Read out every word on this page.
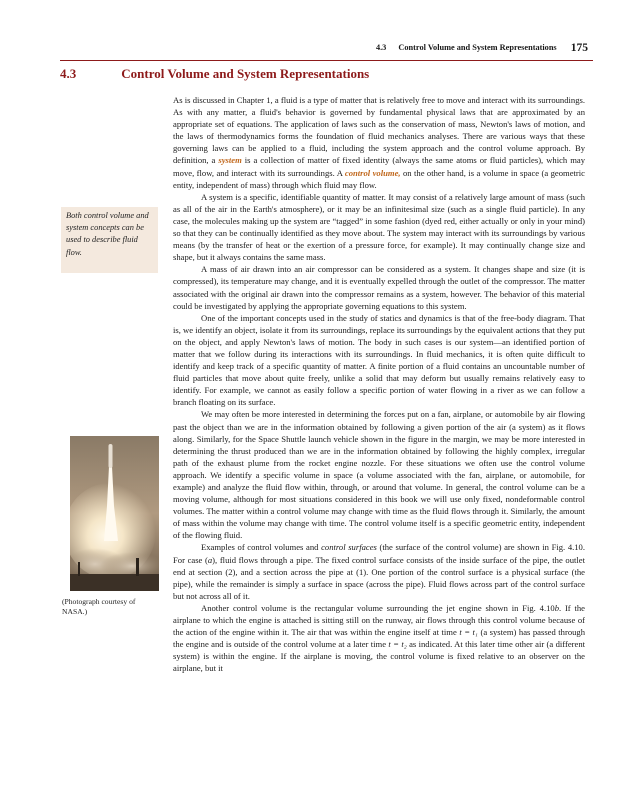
4.3 Control Volume and System Representations 175
4.3	Control Volume and System Representations
Both control volume and system concepts can be used to describe fluid flow.
(Photograph courtesy of NASA.)

As is discussed in Chapter 1, a fluid is a type of matter that is relatively free to move and interact with its surroundings. As with any matter, a fluid's behavior is governed by fundamental physical laws that are approximated by an appropriate set of equations. The application of laws such as the conservation of mass, Newton's laws of motion, and the laws of thermodynamics forms the foundation of fluid mechanics analyses. There are various ways that these governing laws can be applied to a fluid, including the system approach and the control volume approach. By definition, a system is a collection of matter of fixed identity (always the same atoms or fluid particles), which may move, flow, and interact with its surroundings. A control volume, on the other hand, is a volume in space (a geometric entity, independent of mass) through which fluid may flow.

A system is a specific, identifiable quantity of matter. It may consist of a relatively large amount of mass (such as all of the air in the Earth's atmosphere), or it may be an infinitesimal size (such as a single fluid particle). In any case, the molecules making up the system are “tagged” in some fashion (dyed red, either actually or only in your mind) so that they can be continually identified as they move about. The system may interact with its surroundings by various means (by the transfer of heat or the exertion of a pressure force, for example). It may continually change size and shape, but it always contains the same mass.

A mass of air drawn into an air compressor can be considered as a system. It changes shape and size (it is compressed), its temperature may change, and it is eventually expelled through the outlet of the compressor. The matter associated with the original air drawn into the compressor remains as a system, however. The behavior of this material could be investigated by applying the appropriate governing equations to this system.

One of the important concepts used in the study of statics and dynamics is that of the free-body diagram. That is, we identify an object, isolate it from its surroundings, replace its surroundings by the equivalent actions that they put on the object, and apply Newton's laws of motion. The body in such cases is our system—an identified portion of matter that we follow during its interactions with its surroundings. In fluid mechanics, it is often quite difficult to identify and keep track of a specific quantity of matter. A finite portion of a fluid contains an uncountable number of fluid particles that move about quite freely, unlike a solid that may deform but usually remains relatively easy to identify. For example, we cannot as easily follow a specific portion of water flowing in a river as we can follow a branch floating on its surface.

We may often be more interested in determining the forces put on a fan, airplane, or automobile by air flowing past the object than we are in the information obtained by following a given portion of the air (a system) as it flows along. Similarly, for the Space Shuttle launch vehicle shown in the figure in the margin, we may be more interested in determining the thrust produced than we are in the information obtained by following the highly complex, irregular path of the exhaust plume from the rocket engine nozzle. For these situations we often use the control volume approach. We identify a specific volume in space (a volume associated with the fan, airplane, or automobile, for example) and analyze the fluid flow within, through, or around that volume. In general, the control volume can be a moving volume, although for most situations considered in this book we will use only fixed, nondeformable control volumes. The matter within a control volume may change with time as the fluid flows through it. Similarly, the amount of mass within the volume may change with time. The control volume itself is a specific geometric entity, independent of the flowing fluid.

Examples of control volumes and control surfaces (the surface of the control volume) are shown in Fig. 4.10. For case (a), fluid flows through a pipe. The fixed control surface consists of the inside surface of the pipe, the outlet end at section (2), and a section across the pipe at (1). One portion of the control surface is a physical surface (the pipe), while the remainder is simply a surface in space (across the pipe). Fluid flows across part of the control surface but not across all of it.

Another control volume is the rectangular volume surrounding the jet engine shown in Fig. 4.10b. If the airplane to which the engine is attached is sitting still on the runway, air flows through this control volume because of the action of the engine within it. The air that was within the engine itself at time t = t₁ (a system) has passed through the engine and is outside of the control volume at a later time t = t₂ as indicated. At this later time other air (a different system) is within the engine. If the airplane is moving, the control volume is fixed relative to an observer on the airplane, but it
